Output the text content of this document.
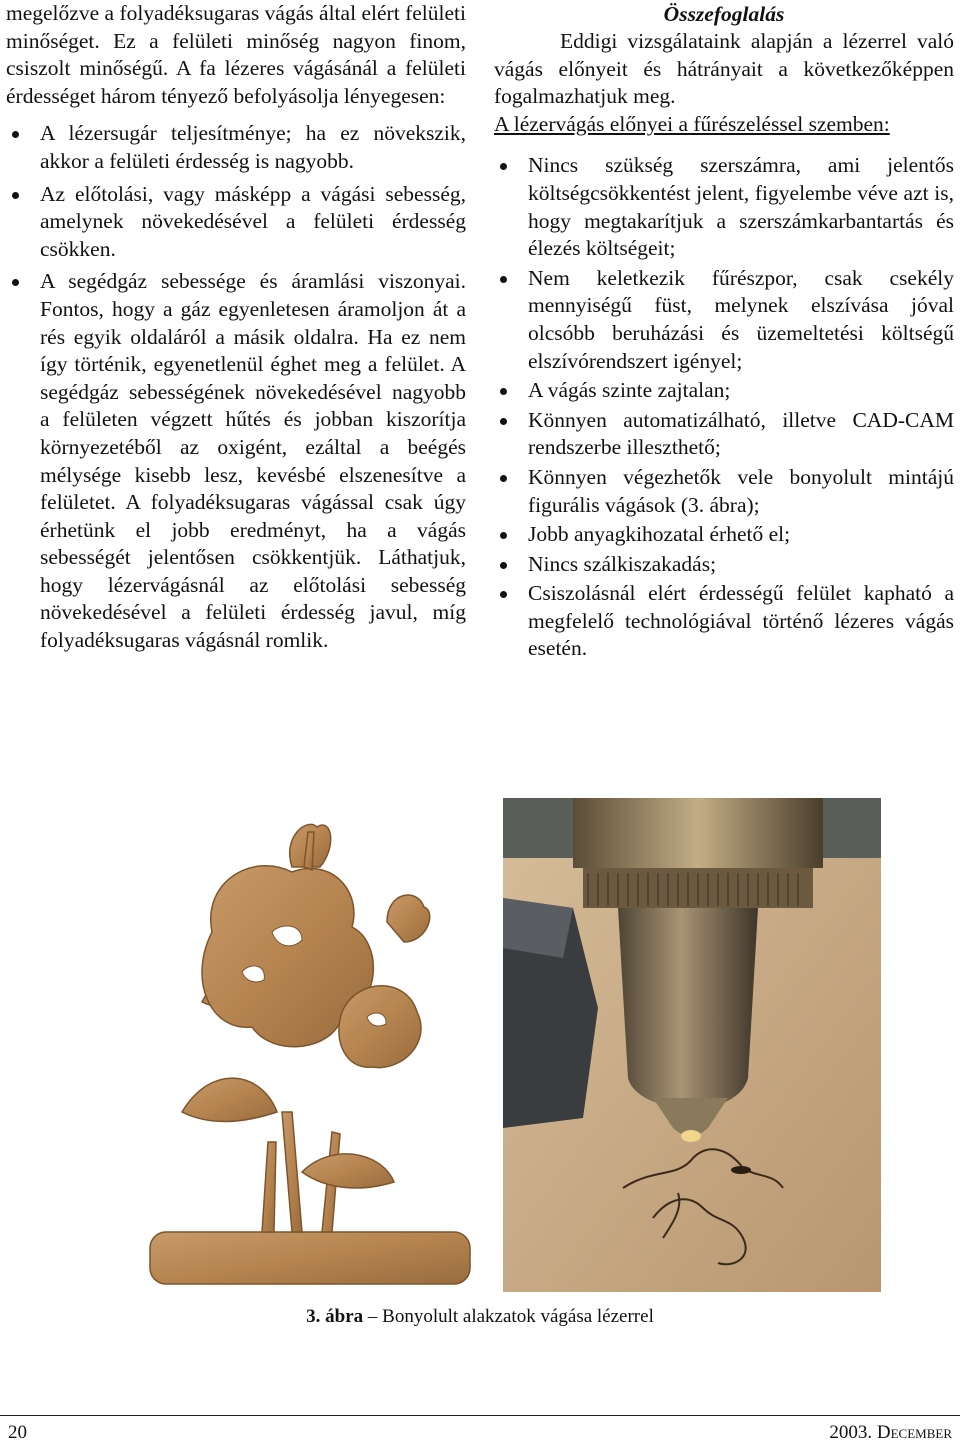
megelőzve a folyadéksugaras vágás által elért felületi minőséget. Ez a felületi minőség nagyon finom, csiszolt minőségű. A fa lézeres vágásánál a felületi érdességet három tényező befolyásolja lényegesen:

A lézersugár teljesítménye; ha ez növekszik, akkor a felületi érdesség is nagyobb.
Az előtolási, vagy másképp a vágási sebesség, amelynek növekedésével a felületi érdesség csökken.
A segédgáz sebessége és áramlási viszonyai. Fontos, hogy a gáz egyenletesen áramoljon át a rés egyik oldaláról a másik oldalra. Ha ez nem így történik, egyenetlenül éghet meg a felület. A segédgáz sebességének növekedésével nagyobb a felületen végzett hűtés és jobban kiszorítja környezetéből az oxigént, ezáltal a beégés mélysége kisebb lesz, kevésbé elszenesítve a felületet. A folyadéksugaras vágással csak úgy érhetünk el jobb eredményt, ha a vágás sebességét jelentősen csökkentjük. Láthatjuk, hogy lézervágásnál az előtolási sebesség növekedésével a felületi érdesség javul, míg folyadéksugaras vágásnál romlik.
Összefoglalás

Eddigi vizsgálataink alapján a lézerrel való vágás előnyeit és hátrányait a következőképpen fogalmazhatjuk meg.

A lézervágás előnyei a fűrészeléssel szemben:

Nincs szükség szerszámra, ami jelentős költségcsökkentést jelent, figyelembe véve azt is, hogy megtakarítjuk a szerszámkarbantartás és élezés költségeit;
Nem keletkezik fűrészpor, csak csekély mennyiségű füst, melynek elszívása jóval olcsóbb beruházási és üzemeltetési költségű elszívórendszert igényel;
A vágás szinte zajtalan;
Könnyen automatizálható, illetve CAD-CAM rendszerbe illeszthető;
Könnyen végezhetők vele bonyolult mintájú figurális vágások (3. ábra);
Jobb anyagkihozatal érhető el;
Nincs szálkiszakadás;
Csiszolásnál elért érdességű felület kapható a megfelelő technológiával történő lézeres vágás esetén.
3. ábra – Bonyolult alakzatok vágása lézerrel
20	2003. December
